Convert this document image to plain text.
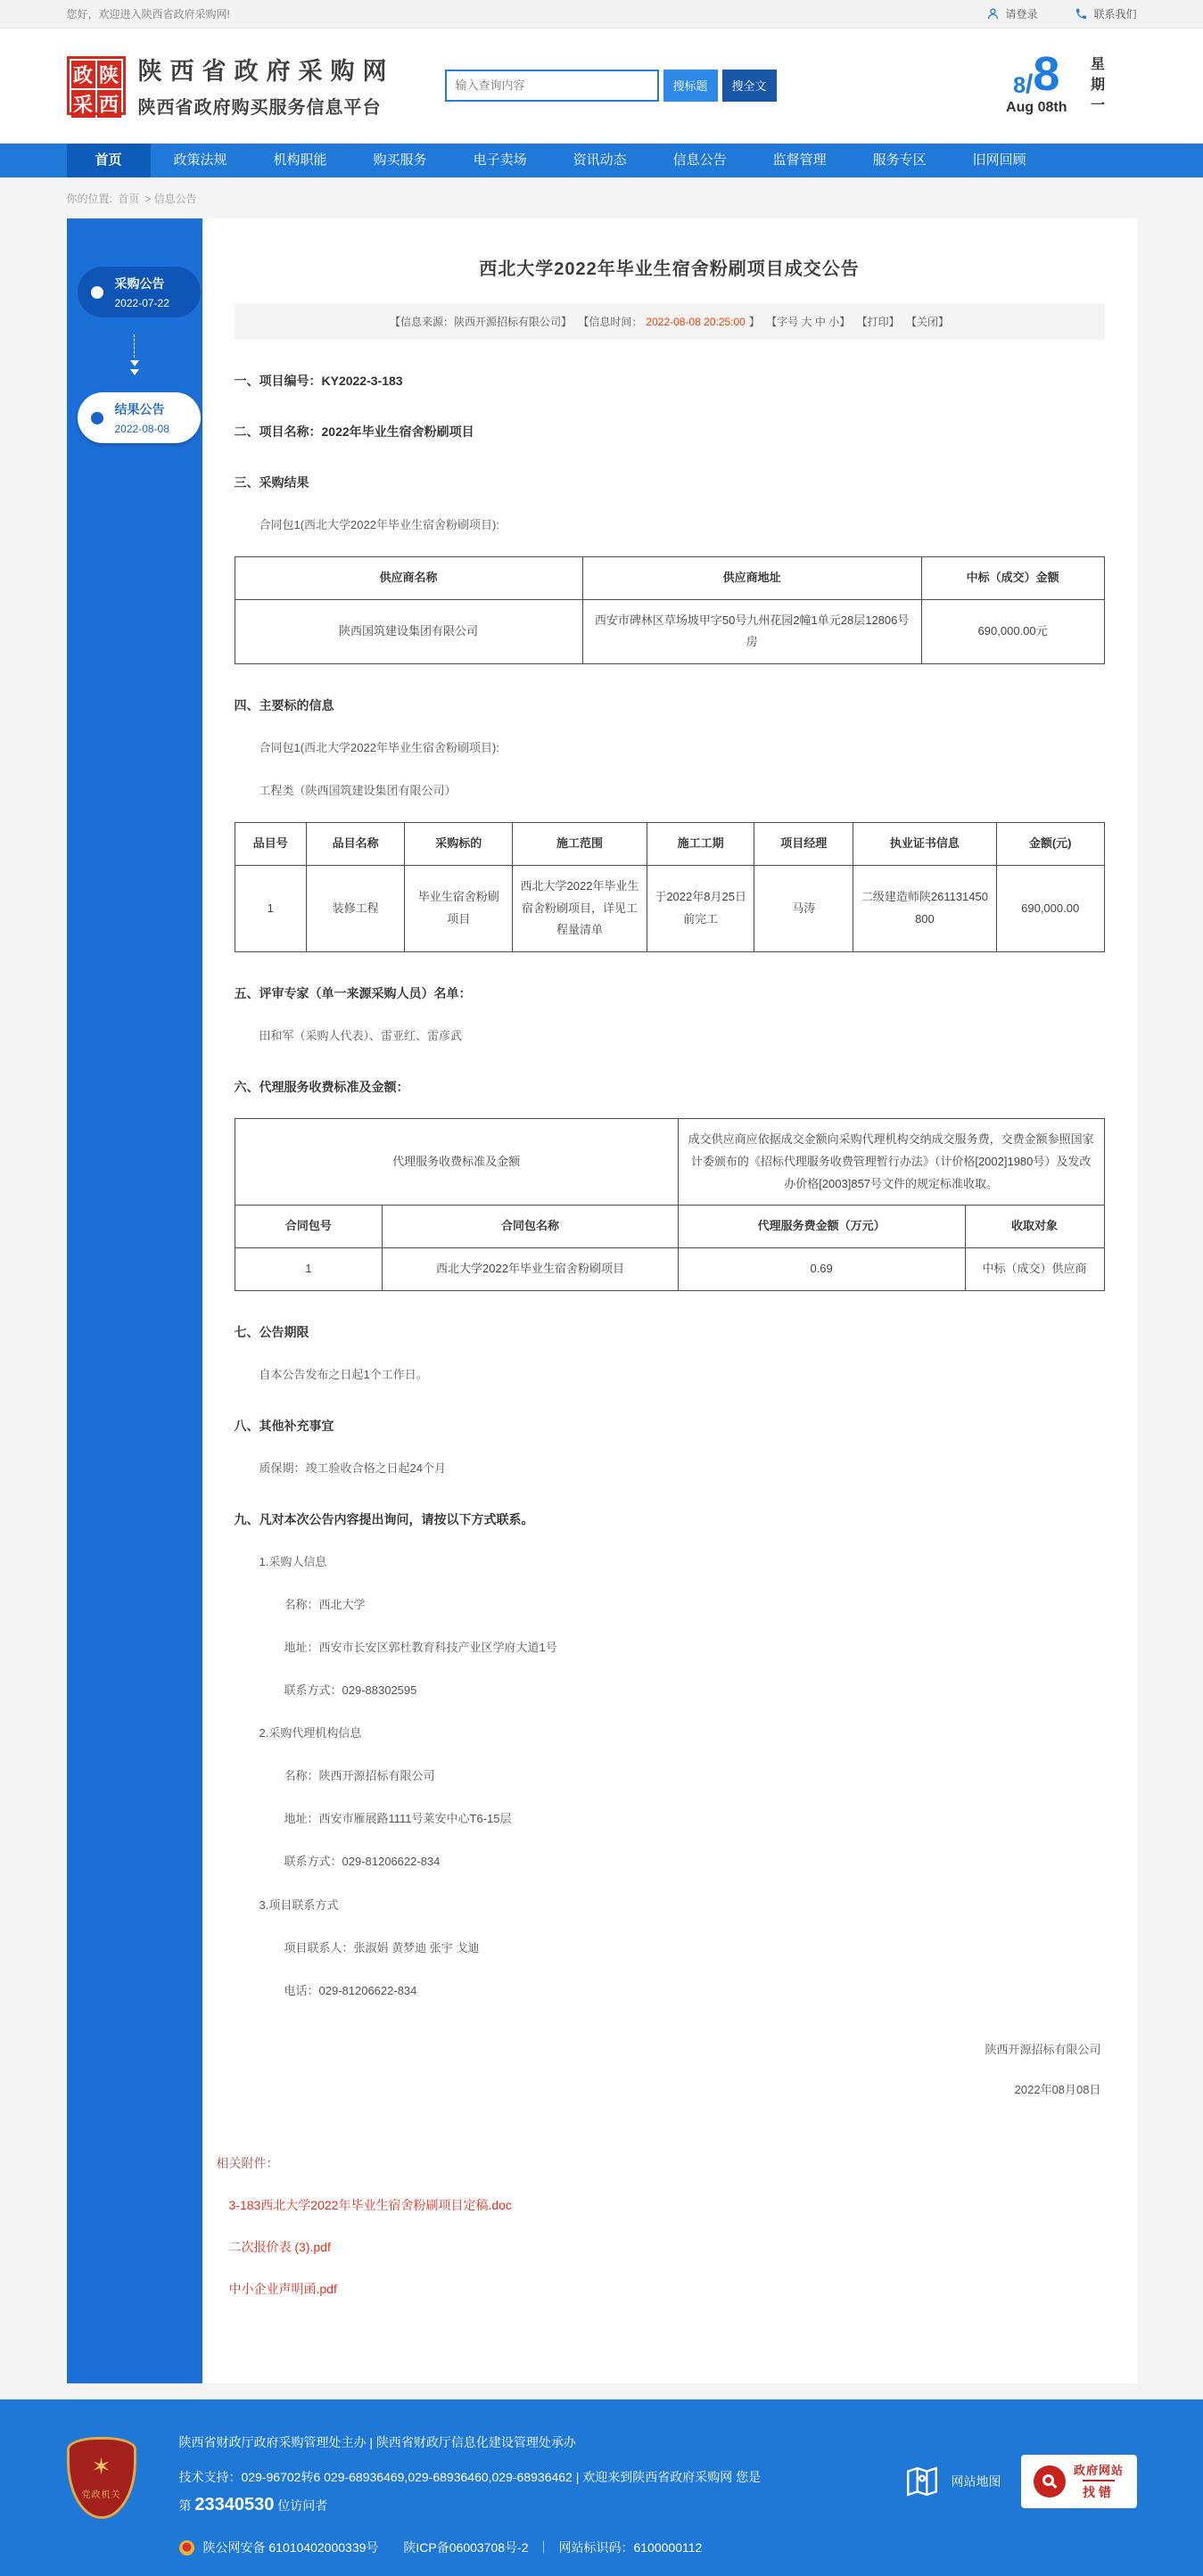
您好，欢迎进入陕西省政府采购网!	请登录	联系我们
政 陕
采 西
陕西省政府采购网
陕西省政府购买服务信息平台
输入查询内容
搜标题	搜全文	8 / 8
Aug 08th 星期一
首页	政策法规	机构职能	购买服务	电子卖场	资讯动态	信息公告	监督管理	服务专区	旧网回顾
你的位置: 首页 > 信息公告
采购公告
2022-07-22
结果公告
2022-08-08
西北大学2022年毕业生宿舍粉刷项目成交公告
【信息来源：陕西开源招标有限公司】 【信息时间： 2022-08-08 20:25:00 】 【字号 大 中 小】 【打印】 【关闭】
一、项目编号：KY2022-3-183
二、项目名称：2022年毕业生宿舍粉刷项目
三、采购结果
合同包1(西北大学2022年毕业生宿舍粉刷项目):
供应商名称	供应商地址	中标（成交）金额
陕西国筑建设集团有限公司	西安市碑林区草场坡甲字50号九州花园2幢1单元28层12806号房	690,000.00元
四、主要标的信息
合同包1(西北大学2022年毕业生宿舍粉刷项目):
工程类（陕西国筑建设集团有限公司）
品目号	品目名称	采购标的	施工范围	施工工期	项目经理	执业证书信息	金额(元)
1	装修工程	毕业生宿舍粉刷项目	西北大学2022年毕业生宿舍粉刷项目，详见工程量清单	于2022年8月25日前完工	马涛	二级建造师陕261131450800	690,000.00
五、评审专家（单一来源采购人员）名单：
田和军（采购人代表）、雷亚红、雷彦武
六、代理服务收费标准及金额：
代理服务收费标准及金额		成交供应商应依据成交金额向采购代理机构交纳成交服务费，交费金额参照国家计委颁布的《招标代理服务收费管理暂行办法》（计价格[2002]1980号）及发改办价格[2003]857号文件的规定标准收取。	
合同包号	合同包名称	代理服务费金额（万元）	收取对象
1	西北大学2022年毕业生宿舍粉刷项目	0.69	中标（成交）供应商
七、公告期限
自本公告发布之日起1个工作日。
八、其他补充事宜
质保期：竣工验收合格之日起24个月
九、凡对本次公告内容提出询问，请按以下方式联系。
1.采购人信息
名称：西北大学
地址：西安市长安区郭杜教育科技产业区学府大道1号
联系方式：029-88302595
2.采购代理机构信息
名称：陕西开源招标有限公司
地址：西安市雁展路1111号莱安中心T6-15层
联系方式：029-81206622-834
3.项目联系方式
项目联系人：张淑娟 黄梦迪 张宇 戈迪
电话：029-81206622-834
陕西开源招标有限公司
2022年08月08日
相关附件：
3-183西北大学2022年毕业生宿舍粉刷项目定稿.doc
二次报价表 (3).pdf
中小企业声明函.pdf
✶
党政机关

陕西省财政厅政府采购管理处主办 | 陕西省财政厅信息化建设管理处承办

技术支持：029-96702转6 029-68936469,029-68936460,029-68936462 | 欢迎来到陕西省政府采购网 您是第 23340530 位访问者

网站地图
政府网站
找错
陕公网安备 61010402000339号 陕ICP备06003708号-2 ｜ 网站标识码：6100000112
